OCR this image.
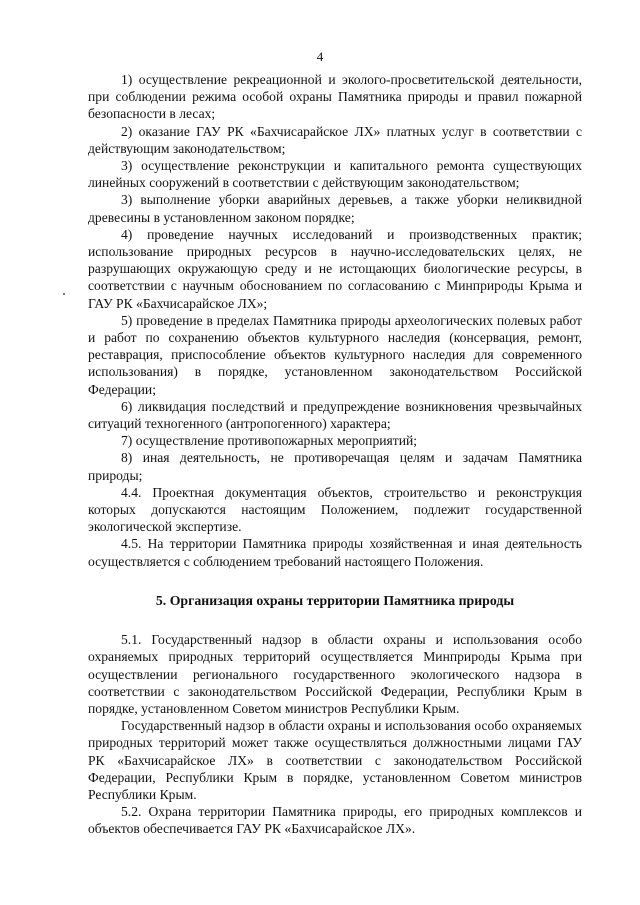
4

1) осуществление рекреационной и эколого-просветительской деятельности, при соблюдении режима особой охраны Памятника природы и правил пожарной безопасности в лесах;

2) оказание ГАУ РК «Бахчисарайское ЛХ» платных услуг в соответствии с действующим законодательством;

3) осуществление реконструкции и капитального ремонта существующих линейных сооружений в соответствии с действующим законодательством;

3) выполнение уборки аварийных деревьев, а также уборки неликвидной древесины в установленном законом порядке;

4) проведение научных исследований и производственных практик; использование природных ресурсов в научно-исследовательских целях, не разрушающих окружающую среду и не истощающих биологические ресурсы, в соответствии с научным обоснованием по согласованию с Минприроды Крыма и ГАУ РК «Бахчисарайское ЛХ»;

5) проведение в пределах Памятника природы археологических полевых работ и работ по сохранению объектов культурного наследия (консервация, ремонт, реставрация, приспособление объектов культурного наследия для современного использования) в порядке, установленном законодательством Российской Федерации;

6) ликвидация последствий и предупреждение возникновения чрезвычайных ситуаций техногенного (антропогенного) характера;

7) осуществление противопожарных мероприятий;

8) иная деятельность, не противоречащая целям и задачам Памятника природы;

4.4. Проектная документация объектов, строительство и реконструкция которых допускаются настоящим Положением, подлежит государственной экологической экспертизе.

4.5. На территории Памятника природы хозяйственная и иная деятельность осуществляется с соблюдением требований настоящего Положения.

5. Организация охраны территории Памятника природы

5.1. Государственный надзор в области охраны и использования особо охраняемых природных территорий осуществляется Минприроды Крыма при осуществлении регионального государственного экологического надзора в соответствии с законодательством Российской Федерации, Республики Крым в порядке, установленном Советом министров Республики Крым.

Государственный надзор в области охраны и использования особо охраняемых природных территорий может также осуществляться должностными лицами ГАУ РК «Бахчисарайское ЛХ» в соответствии с законодательством Российской Федерации, Республики Крым в порядке, установленном Советом министров Республики Крым.

5.2. Охрана территории Памятника природы, его природных комплексов и объектов обеспечивается ГАУ РК «Бахчисарайское ЛХ».
